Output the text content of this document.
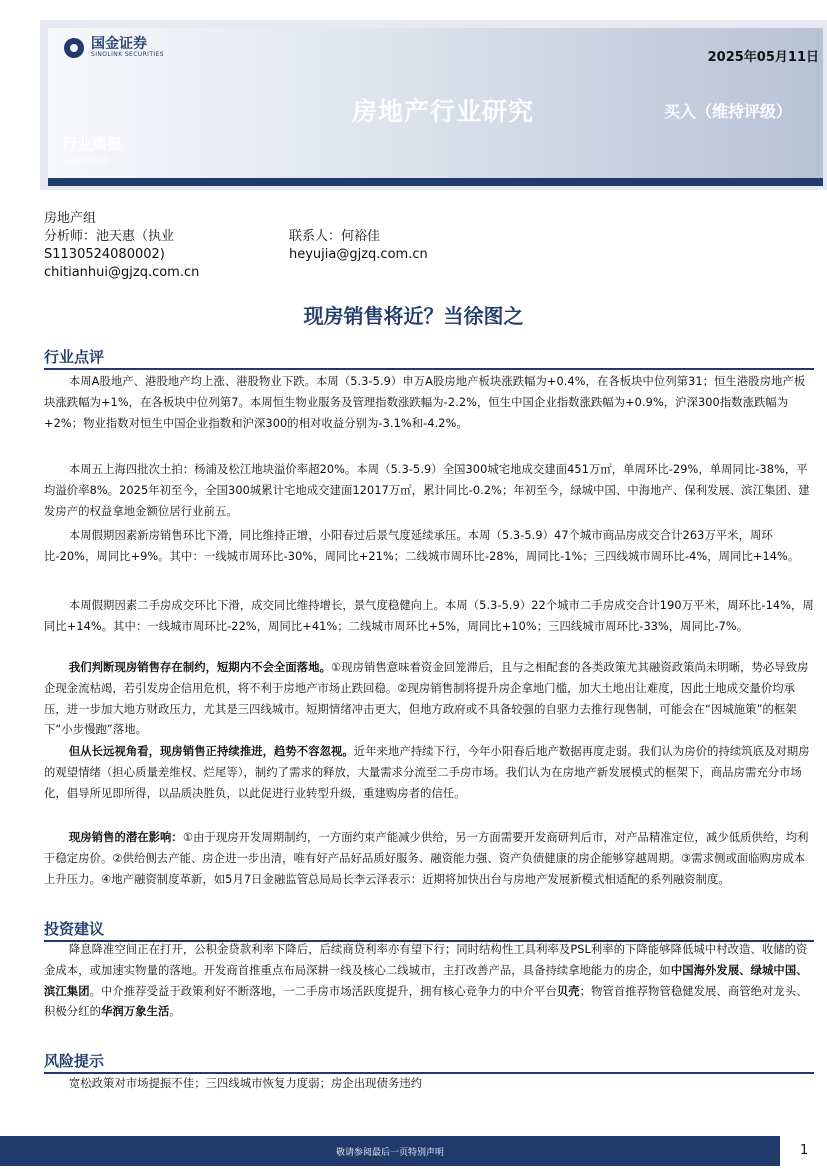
国金证券
SINOLINK SECURITIES	2025年05月11日
房地产行业研究	买入（维持评级）
行业周报
证券研究报告
房地产组
分析师：池天惠（执业
S1130524080002)
chitianhui@gjzq.com.cn
联系人：何裕佳
heyujia@gjzq.com.cn
现房销售将近？当徐图之
行业点评
本周A股地产、港股地产均上涨、港股物业下跌。本周（5.3-5.9）申万A股房地产板块涨跌幅为+0.4%，在各板块中位列第31；恒生港股房地产板块涨跌幅为+1%，在各板块中位列第7。本周恒生物业服务及管理指数涨跌幅为-2.2%，恒生中国企业指数涨跌幅为+0.9%，沪深300指数涨跌幅为+2%；物业指数对恒生中国企业指数和沪深300的相对收益分别为-3.1%和-4.2%。
本周五上海四批次土拍：杨浦及松江地块溢价率超20%。本周（5.3-5.9）全国300城宅地成交建面451万㎡，单周环比-29%，单周同比-38%，平均溢价率8%。2025年初至今，全国300城累计宅地成交建面12017万㎡，累计同比-0.2%；年初至今，绿城中国、中海地产、保利发展、滨江集团、建发房产的权益拿地金额位居行业前五。
本周假期因素新房销售环比下滑，同比维持正增，小阳春过后景气度延续承压。本周（5.3-5.9）47个城市商品房成交合计263万平米，周环比-20%，周同比+9%。其中：一线城市周环比-30%，周同比+21%；二线城市周环比-28%，周同比-1%；三四线城市周环比-4%，周同比+14%。
本周假期因素二手房成交环比下滑，成交同比维持增长，景气度稳健向上。本周（5.3-5.9）22个城市二手房成交合计190万平米，周环比-14%，周同比+14%。其中：一线城市周环比-22%，周同比+41%；二线城市周环比+5%，周同比+10%；三四线城市周环比-33%，周同比-7%。
我们判断现房销售存在制约，短期内不会全面落地。①现房销售意味着资金回笼滞后，且与之相配套的各类政策尤其融资政策尚未明晰，势必导致房企现金流枯竭，若引发房企信用危机，将不利于房地产市场止跌回稳。②现房销售制将提升房企拿地门槛，加大土地出让难度，因此土地成交量价均承压，进一步加大地方财政压力，尤其是三四线城市。短期情绪冲击更大，但地方政府或不具备较强的自驱力去推行现售制，可能会在“因城施策”的框架下“小步慢跑”落地。
但从长远视角看，现房销售正持续推进，趋势不容忽视。近年来地产持续下行，今年小阳春后地产数据再度走弱。我们认为房价的持续筑底及对期房的观望情绪（担心质量差维权、烂尾等），制约了需求的释放，大量需求分流至二手房市场。我们认为在房地产新发展模式的框架下，商品房需充分市场化，倡导所见即所得，以品质决胜负，以此促进行业转型升级，重建购房者的信任。
现房销售的潜在影响：①由于现房开发周期制约，一方面约束产能减少供给，另一方面需要开发商研判后市，对产品精准定位，减少低质供给，均利于稳定房价。②供给侧去产能、房企进一步出清，唯有好产品好品质好服务、融资能力强、资产负债健康的房企能够穿越周期。③需求侧或面临购房成本上升压力。④地产融资制度革新，如5月7日金融监管总局局长李云泽表示：近期将加快出台与房地产发展新模式相适配的系列融资制度。
投资建议
降息降准空间正在打开，公积金贷款利率下降后，后续商贷利率亦有望下行；同时结构性工具利率及PSL利率的下降能够降低城中村改造、收储的资金成本，或加速实物量的落地。开发商首推重点布局深耕一线及核心二线城市，主打改善产品，具备持续拿地能力的房企，如中国海外发展、绿城中国、滨江集团。中介推荐受益于政策利好不断落地，一二手房市场活跃度提升，拥有核心竞争力的中介平台贝壳；物管首推荐物管稳健发展、商管绝对龙头、积极分红的华润万象生活。
风险提示
宽松政策对市场提振不佳；三四线城市恢复力度弱；房企出现债务违约
敬请参阅最后一页特别声明	1
